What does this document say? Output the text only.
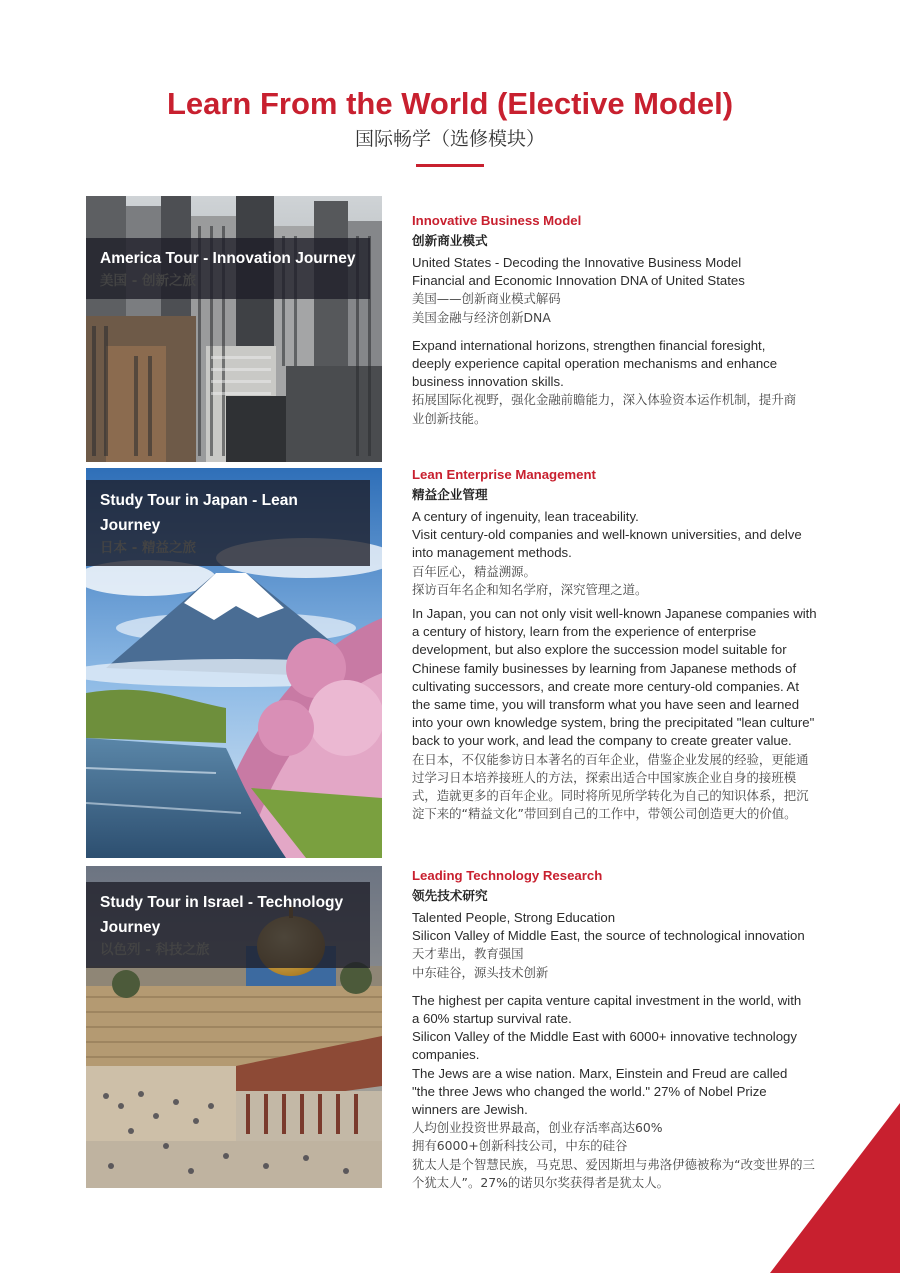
Learn From the World (Elective Model)
国际畅学（选修模块）
America Tour - Innovation Journey
美国 - 创新之旅
Study Tour in Japan - Lean Journey
日本 - 精益之旅
Study Tour in Israel - Technology Journey
以色列 - 科技之旅
Innovative Business Model
创新商业模式
United States - Decoding the Innovative Business Model
Financial and Economic Innovation DNA of United States
美国——创新商业模式解码
美国金融与经济创新DNA
Expand international horizons, strengthen financial foresight, deeply experience capital operation mechanisms and enhance business innovation skills.
拓展国际化视野，强化金融前瞻能力，深入体验资本运作机制，提升商业创新技能。
Lean Enterprise Management
精益企业管理
A century of ingenuity, lean traceability.
Visit century-old companies and well-known universities, and delve into management methods.
百年匠心，精益溯源。
探访百年名企和知名学府，深究管理之道。
In Japan, you can not only visit well-known Japanese companies with a century of history, learn from the experience of enterprise development, but also explore the succession model suitable for Chinese family businesses by learning from Japanese methods of cultivating successors, and create more century-old companies. At the same time, you will transform what you have seen and learned into your own knowledge system, bring the precipitated "lean culture" back to your work, and lead the company to create greater value.
在日本，不仅能参访日本著名的百年企业，借鉴企业发展的经验，更能通过学习日本培养接班人的方法，探索出适合中国家族企业自身的接班模式，造就更多的百年企业。同时将所见所学转化为自己的知识体系，把沉淀下来的“精益文化”带回到自己的工作中，带领公司创造更大的价值。
Leading Technology Research
领先技术研究
Talented People, Strong Education
Silicon Valley of Middle East, the source of technological innovation
天才辈出，教育强国
中东硅谷，源头技术创新
The highest per capita venture capital investment in the world, with a 60% startup survival rate.
Silicon Valley of the Middle East with 6000+ innovative technology companies.
The Jews are a wise nation. Marx, Einstein and Freud are called "the three Jews who changed the world." 27% of Nobel Prize winners are Jewish.
人均创业投资世界最高，创业存活率高达60%
拥有6000+创新科技公司，中东的硅谷
犹太人是个智慧民族，马克思、爱因斯坦与弗洛伊德被称为“改变世界的三个犹太人”。27%的诺贝尔奖获得者是犹太人。
